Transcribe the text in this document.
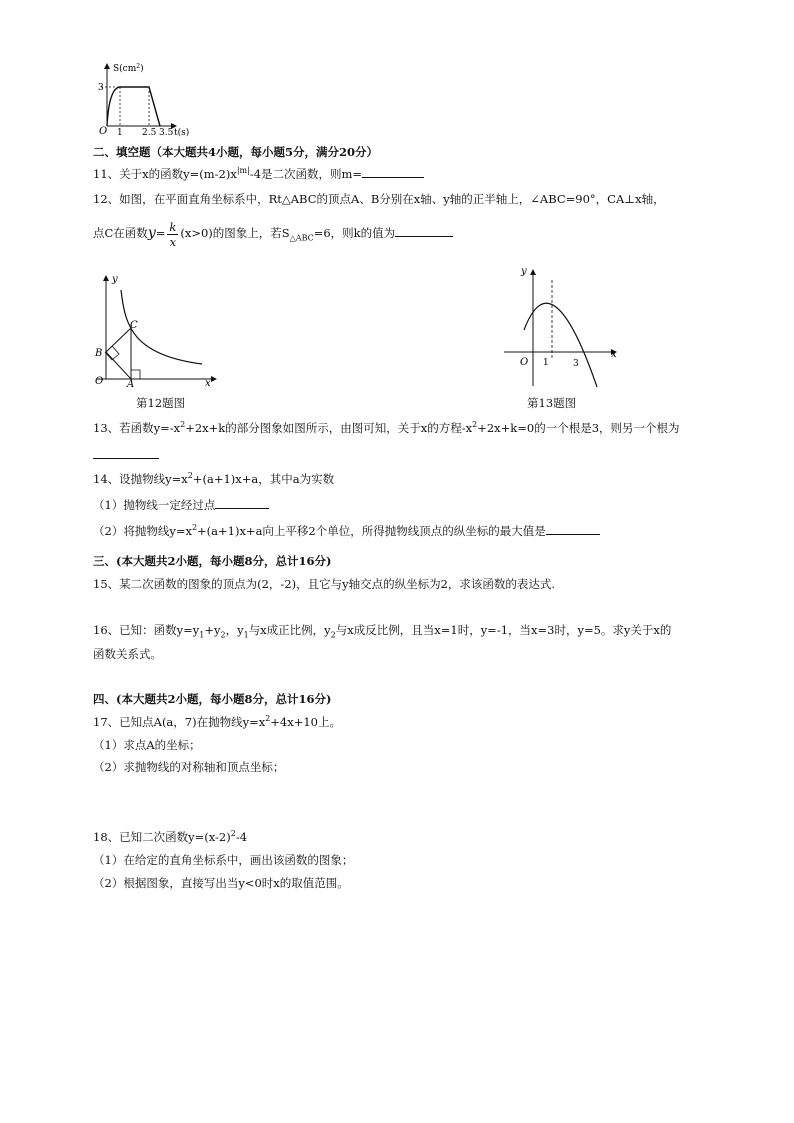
$S(cm^2)$
3
O 1 2.5 3.5 t(s)
二、填空题（本大题共4小题，每小题5分，满分20分）
11、关于x的函数$y=(m-2)x^{|m|}-4$是二次函数，则m=
12、如图，在平面直角坐标系中，Rt△ABC的顶点A、B分别在x轴、y轴的正半轴上，∠ABC=90°，CA⊥x轴，
点C在函数$y= \frac{k}{x} (x>0)$的图象上，若$S_{\triangle ABC}=6$，则k的值为
y
x
O A
B
C
第12题图
y
x
O 1	3
第13题图
13、若函数$y=-x^2+2x+k$的部分图象如图所示，由图可知，关于x的方程$-x^2+2x+k=0$的一个根是3，则另一个根为
14、设抛物线$y=x^2+(a+1)x+a$，其中a为实数
（1）抛物线一定经过点
（2）将抛物线$y=x^2+(a+1)x+a$向上平移2个单位，所得抛物线顶点的纵坐标的最大值是
三、(本大题共2小题，每小题8分，总计16分)
15、某二次函数的图象的顶点为(2，-2)，且它与y轴交点的纵坐标为2，求该函数的表达式.
16、已知：函数$y=y_1+y_2$，$y_1$与x成正比例，$y_2$与x成反比例，且当x=1时，y=-1，当x=3时，y=5。求y关于x的
函数关系式。
四、(本大题共2小题，每小题8分，总计16分)
17、已知点A(a，7)在抛物线$y=x^2+4x+10$上。
（1）求点A的坐标；
（2）求抛物线的对称轴和顶点坐标；
18、已知二次函数$y=(x-2)^2-4$
（1）在给定的直角坐标系中，画出该函数的图象；
（2）根据图象，直接写出当y<0时x的取值范围。
